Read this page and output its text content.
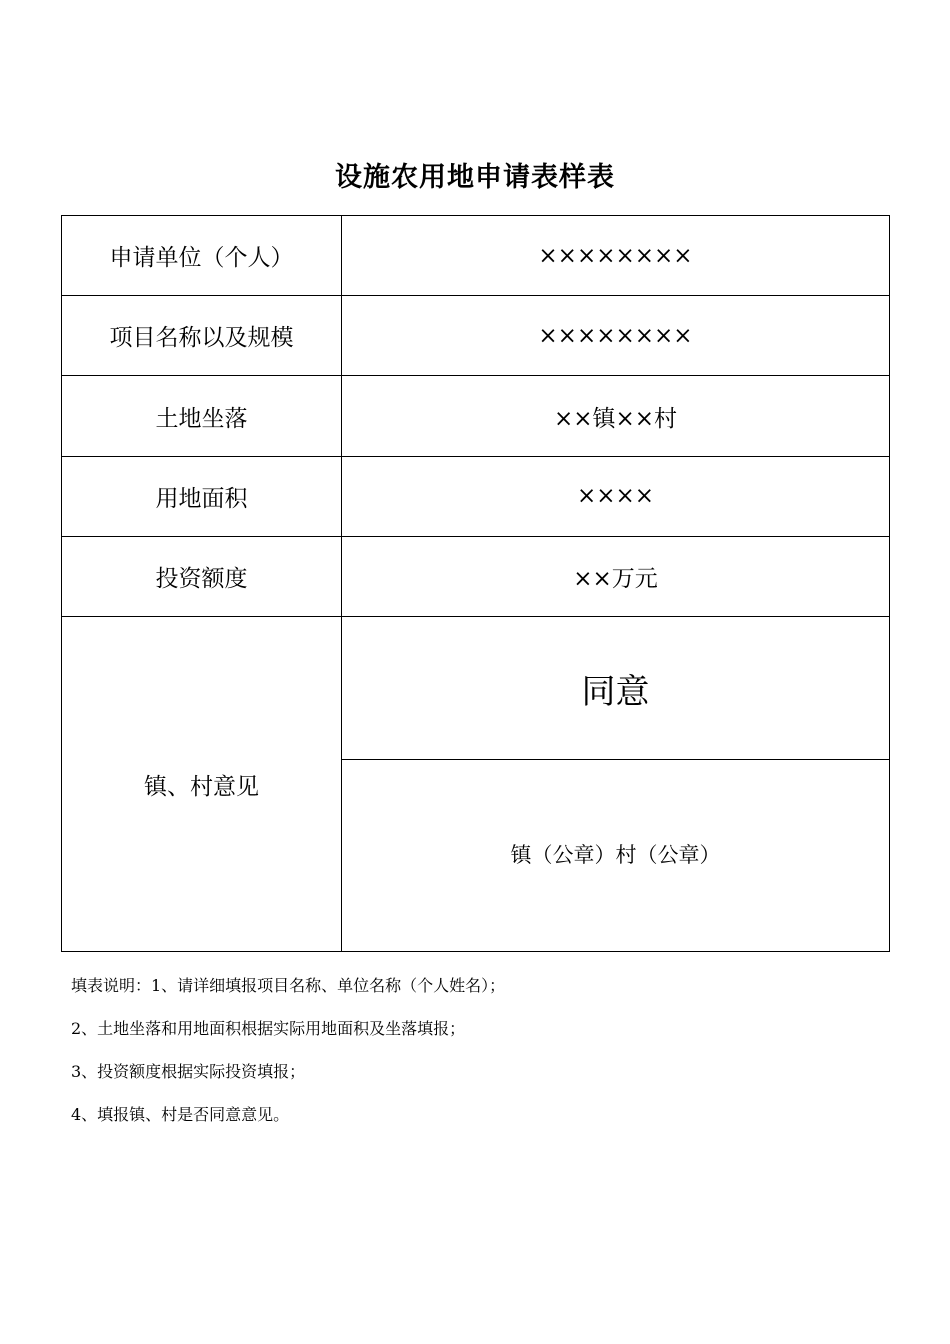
设施农用地申请表样表
申请单位（个人）	××××××××
项目名称以及规模	××××××××
土地坐落	××镇××村
用地面积	××××
投资额度	××万元
镇、村意见	同意
	镇（公章）村（公章）
填表说明：1、请详细填报项目名称、单位名称（个人姓名）；
2、土地坐落和用地面积根据实际用地面积及坐落填报；
3、投资额度根据实际投资填报；
4、填报镇、村是否同意意见。
